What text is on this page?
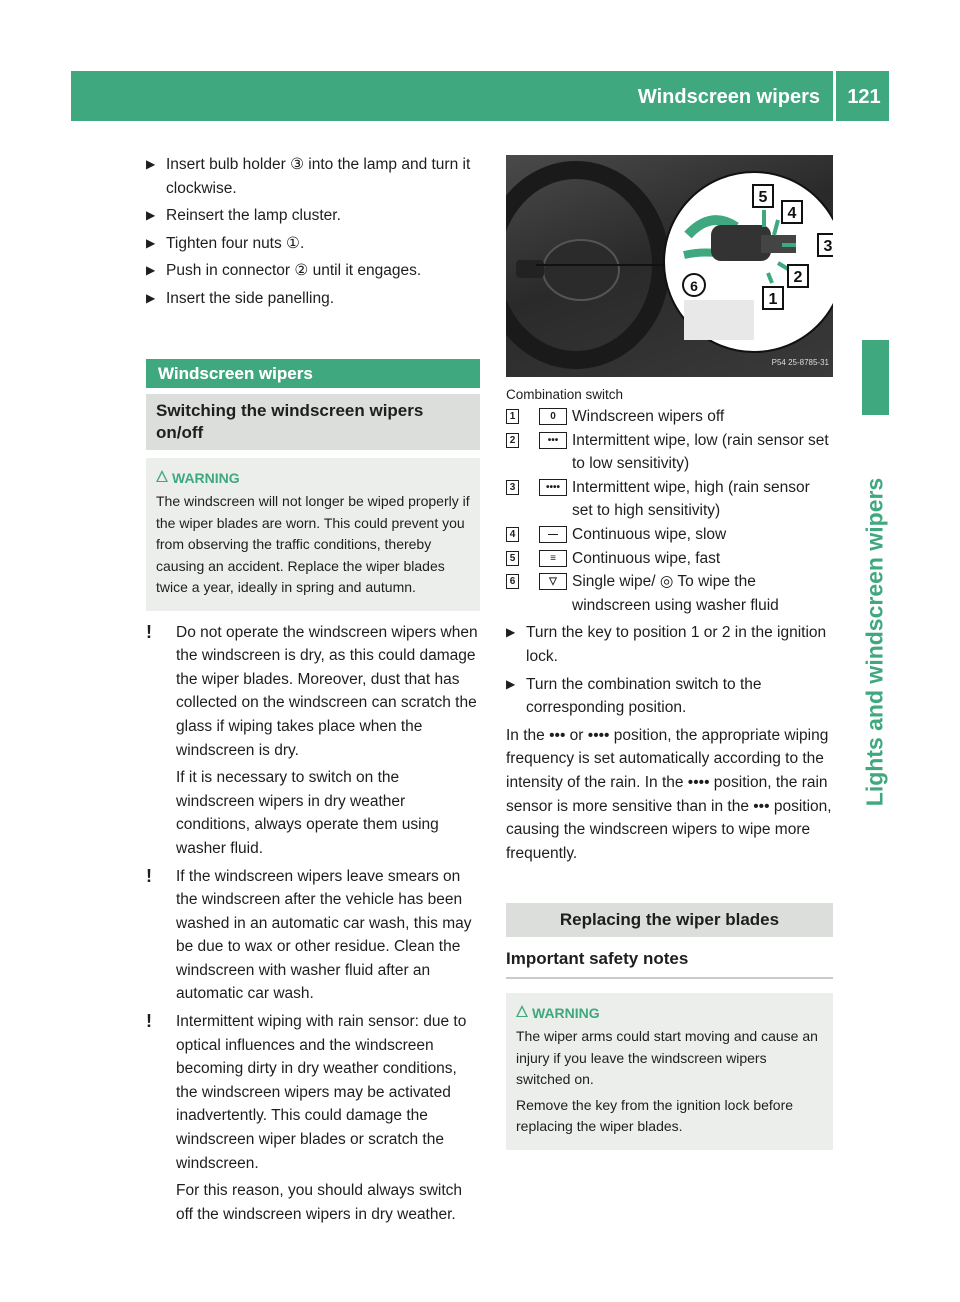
Windscreen wipers	121
Lights and windscreen wipers
▶ Insert bulb holder ③ into the lamp and turn it clockwise.
▶ Reinsert the lamp cluster.
▶ Tighten four nuts ①.
▶ Push in connector ② until it engages.
▶ Insert the side panelling.
Windscreen wipers
Switching the windscreen wipers on/off
WARNING
The windscreen will not longer be wiped properly if the wiper blades are worn. This could prevent you from observing the traffic conditions, thereby causing an accident. Replace the wiper blades twice a year, ideally in spring and autumn.
! Do not operate the windscreen wipers when the windscreen is dry, as this could damage the wiper blades. Moreover, dust that has collected on the windscreen can scratch the glass if wiping takes place when the windscreen is dry.
If it is necessary to switch on the windscreen wipers in dry weather conditions, always operate them using washer fluid.
! If the windscreen wipers leave smears on the windscreen after the vehicle has been washed in an automatic car wash, this may be due to wax or other residue. Clean the windscreen with washer fluid after an automatic car wash.
! Intermittent wiping with rain sensor: due to optical influences and the windscreen becoming dirty in dry weather conditions, the windscreen wipers may be activated inadvertently. This could damage the windscreen wiper blades or scratch the windscreen.
For this reason, you should always switch off the windscreen wipers in dry weather.
5
4
3
2
1
6
P54 25-8785-31
Combination switch
1	0	Windscreen wipers off
2	••• Intermittent wipe, low (rain sensor set to low sensitivity)
3	•••• Intermittent wipe, high (rain sensor set to high sensitivity)
4	— Continuous wipe, slow
5	≡	Continuous wipe, fast
6	▽ Single wipe/ ◎ To wipe the windscreen using washer fluid
▶ Turn the key to position 1 or 2 in the ignition lock.
▶ Turn the combination switch to the corresponding position.
In the ••• or •••• position, the appropriate wiping frequency is set automatically according to the intensity of the rain. In the •••• position, the rain sensor is more sensitive than in the ••• position, causing the windscreen wipers to wipe more frequently.
Replacing the wiper blades
Important safety notes
WARNING
The wiper arms could start moving and cause an injury if you leave the windscreen wipers switched on.
Remove the key from the ignition lock before replacing the wiper blades.
